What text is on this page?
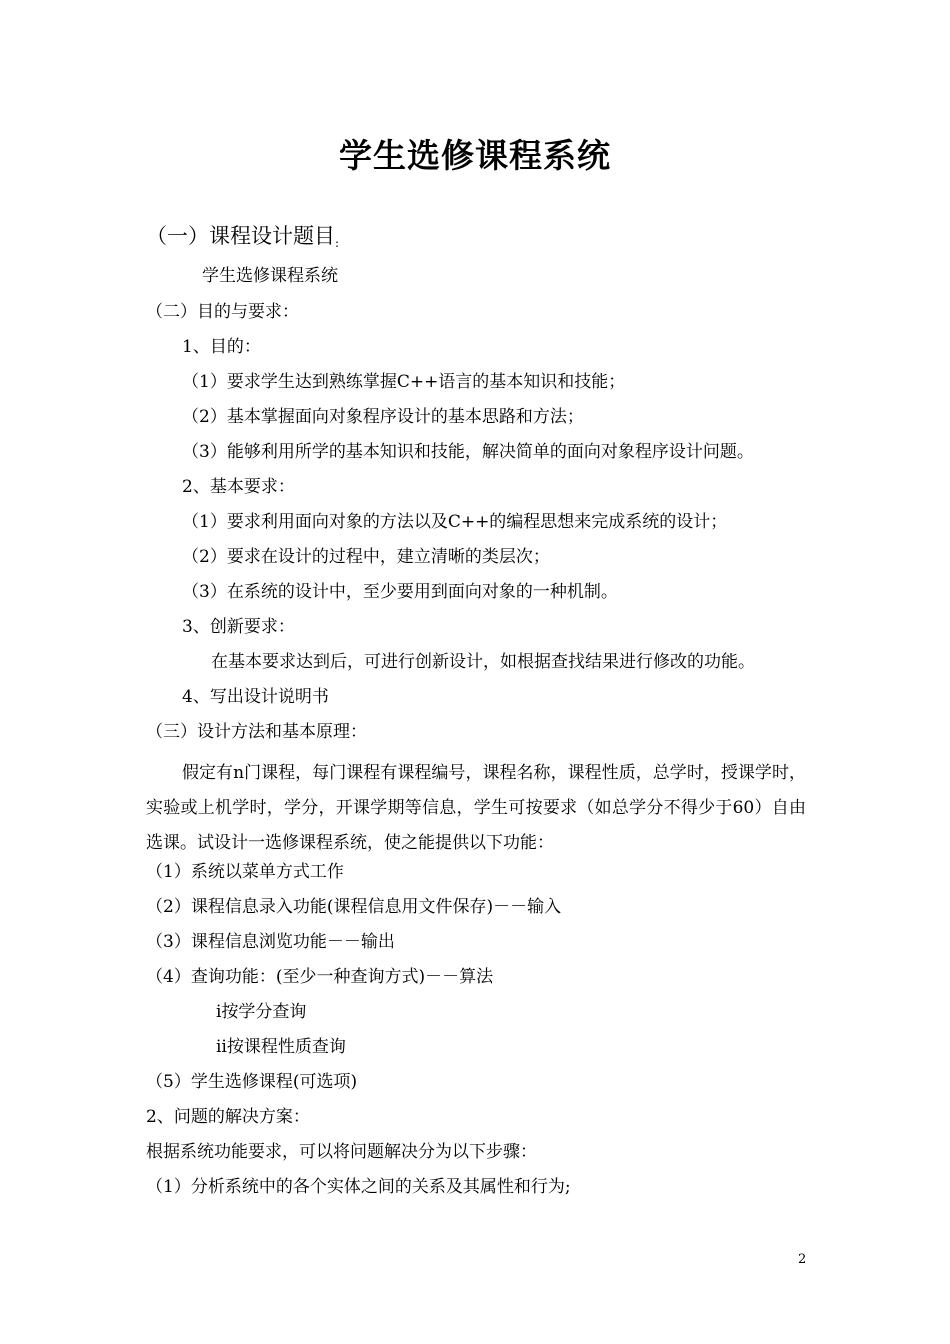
学生选修课程系统
（一）课程设计题目:
学生选修课程系统
（二）目的与要求：
1、目的：
（1）要求学生达到熟练掌握C++语言的基本知识和技能；
（2）基本掌握面向对象程序设计的基本思路和方法；
（3）能够利用所学的基本知识和技能，解决简单的面向对象程序设计问题。
2、基本要求：
（1）要求利用面向对象的方法以及C++的编程思想来完成系统的设计；
（2）要求在设计的过程中，建立清晰的类层次；
（3）在系统的设计中，至少要用到面向对象的一种机制。
3、创新要求：
在基本要求达到后，可进行创新设计，如根据查找结果进行修改的功能。
4、写出设计说明书
（三）设计方法和基本原理：
假定有n门课程，每门课程有课程编号，课程名称，课程性质，总学时，授课学时，实验或上机学时，学分，开课学期等信息，学生可按要求（如总学分不得少于60）自由选课。试设计一选修课程系统，使之能提供以下功能：
（1）系统以菜单方式工作
（2）课程信息录入功能(课程信息用文件保存)－－输入
（3）课程信息浏览功能－－输出
（4）查询功能：(至少一种查询方式)－－算法
ⅰ按学分查询
ⅱ按课程性质查询
（5）学生选修课程(可选项)
2、问题的解决方案：
根据系统功能要求，可以将问题解决分为以下步骤：
（1）分析系统中的各个实体之间的关系及其属性和行为;
2
